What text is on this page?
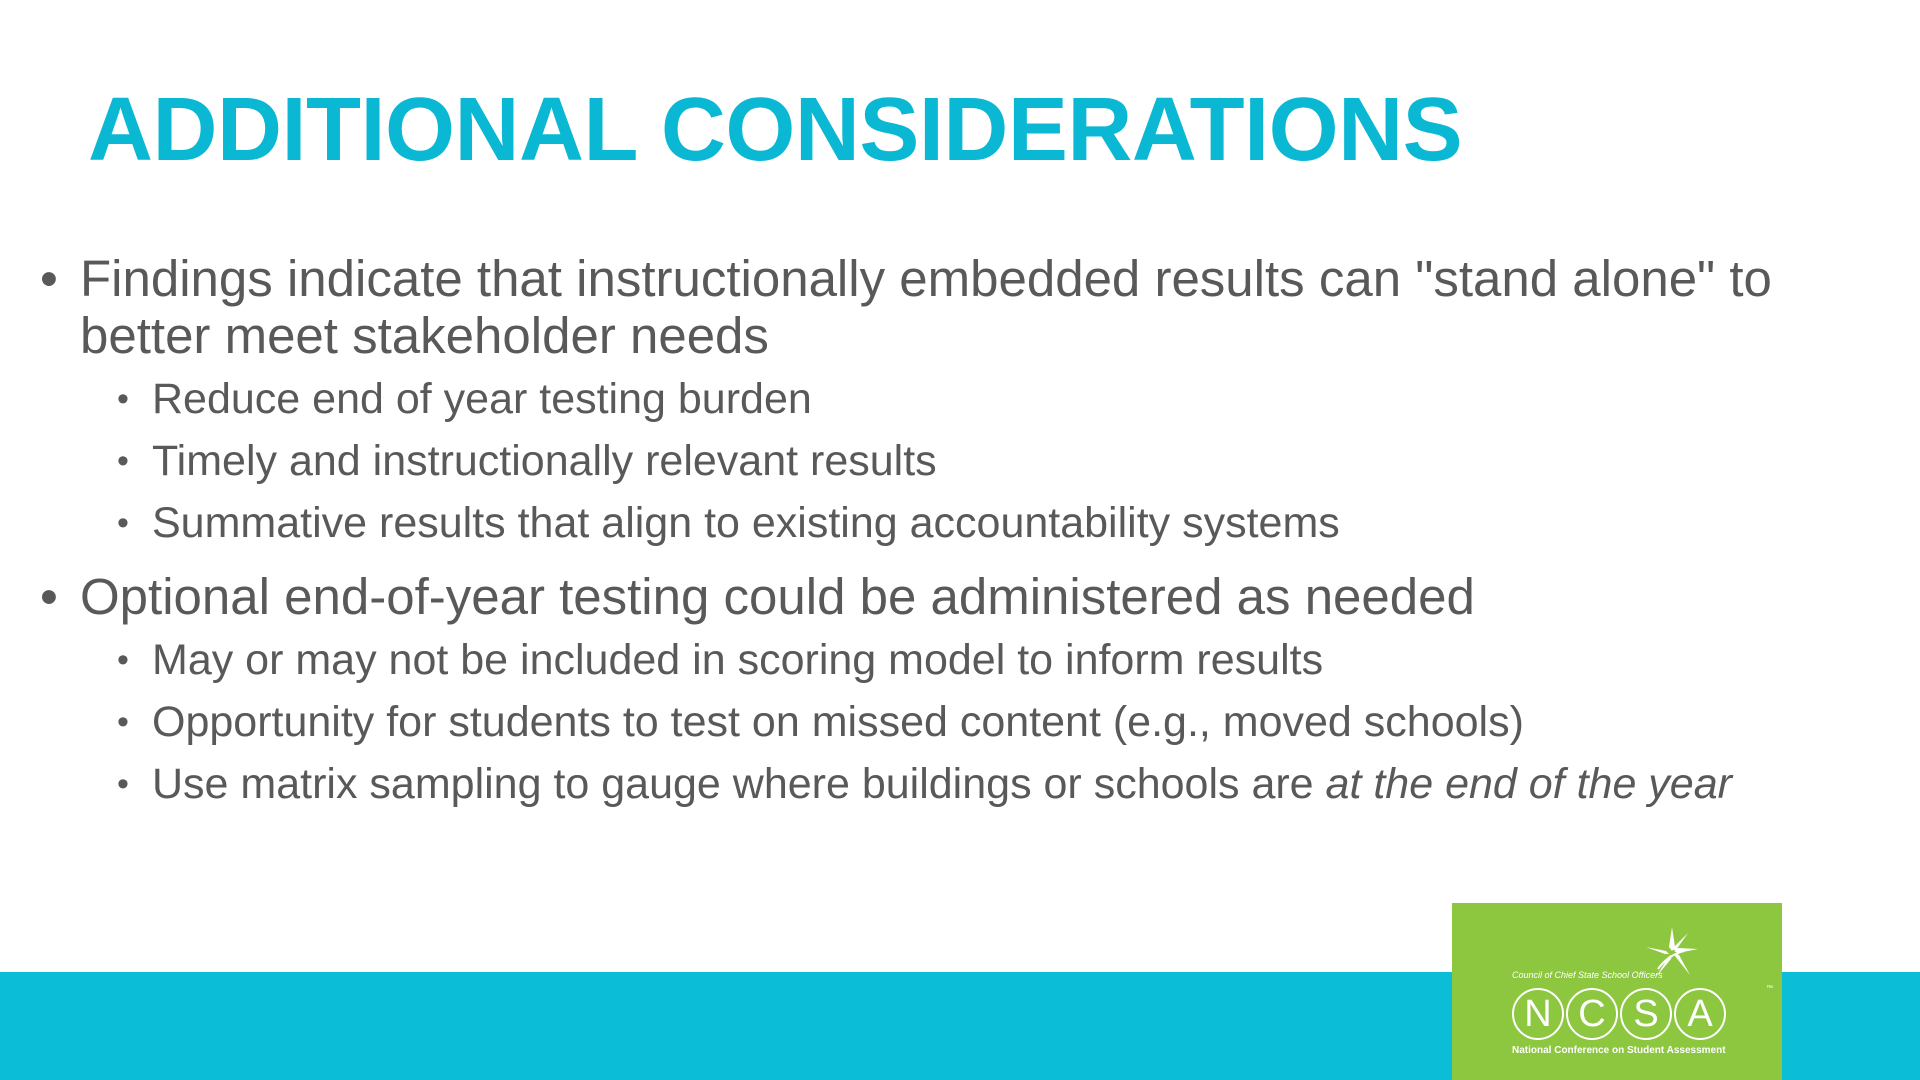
ADDITIONAL CONSIDERATIONS
• Findings indicate that instructionally embedded results can "stand alone" to better meet stakeholder needs
• Reduce end of year testing burden
• Timely and instructionally relevant results
• Summative results that align to existing accountability systems
• Optional end-of-year testing could be administered as needed
• May or may not be included in scoring model to inform results
• Opportunity for students to test on missed content (e.g., moved schools)
• Use matrix sampling to gauge where buildings or schools are at the end of the year
Council of Chief State School Officers
N C S A
™
National Conference on Student Assessment
